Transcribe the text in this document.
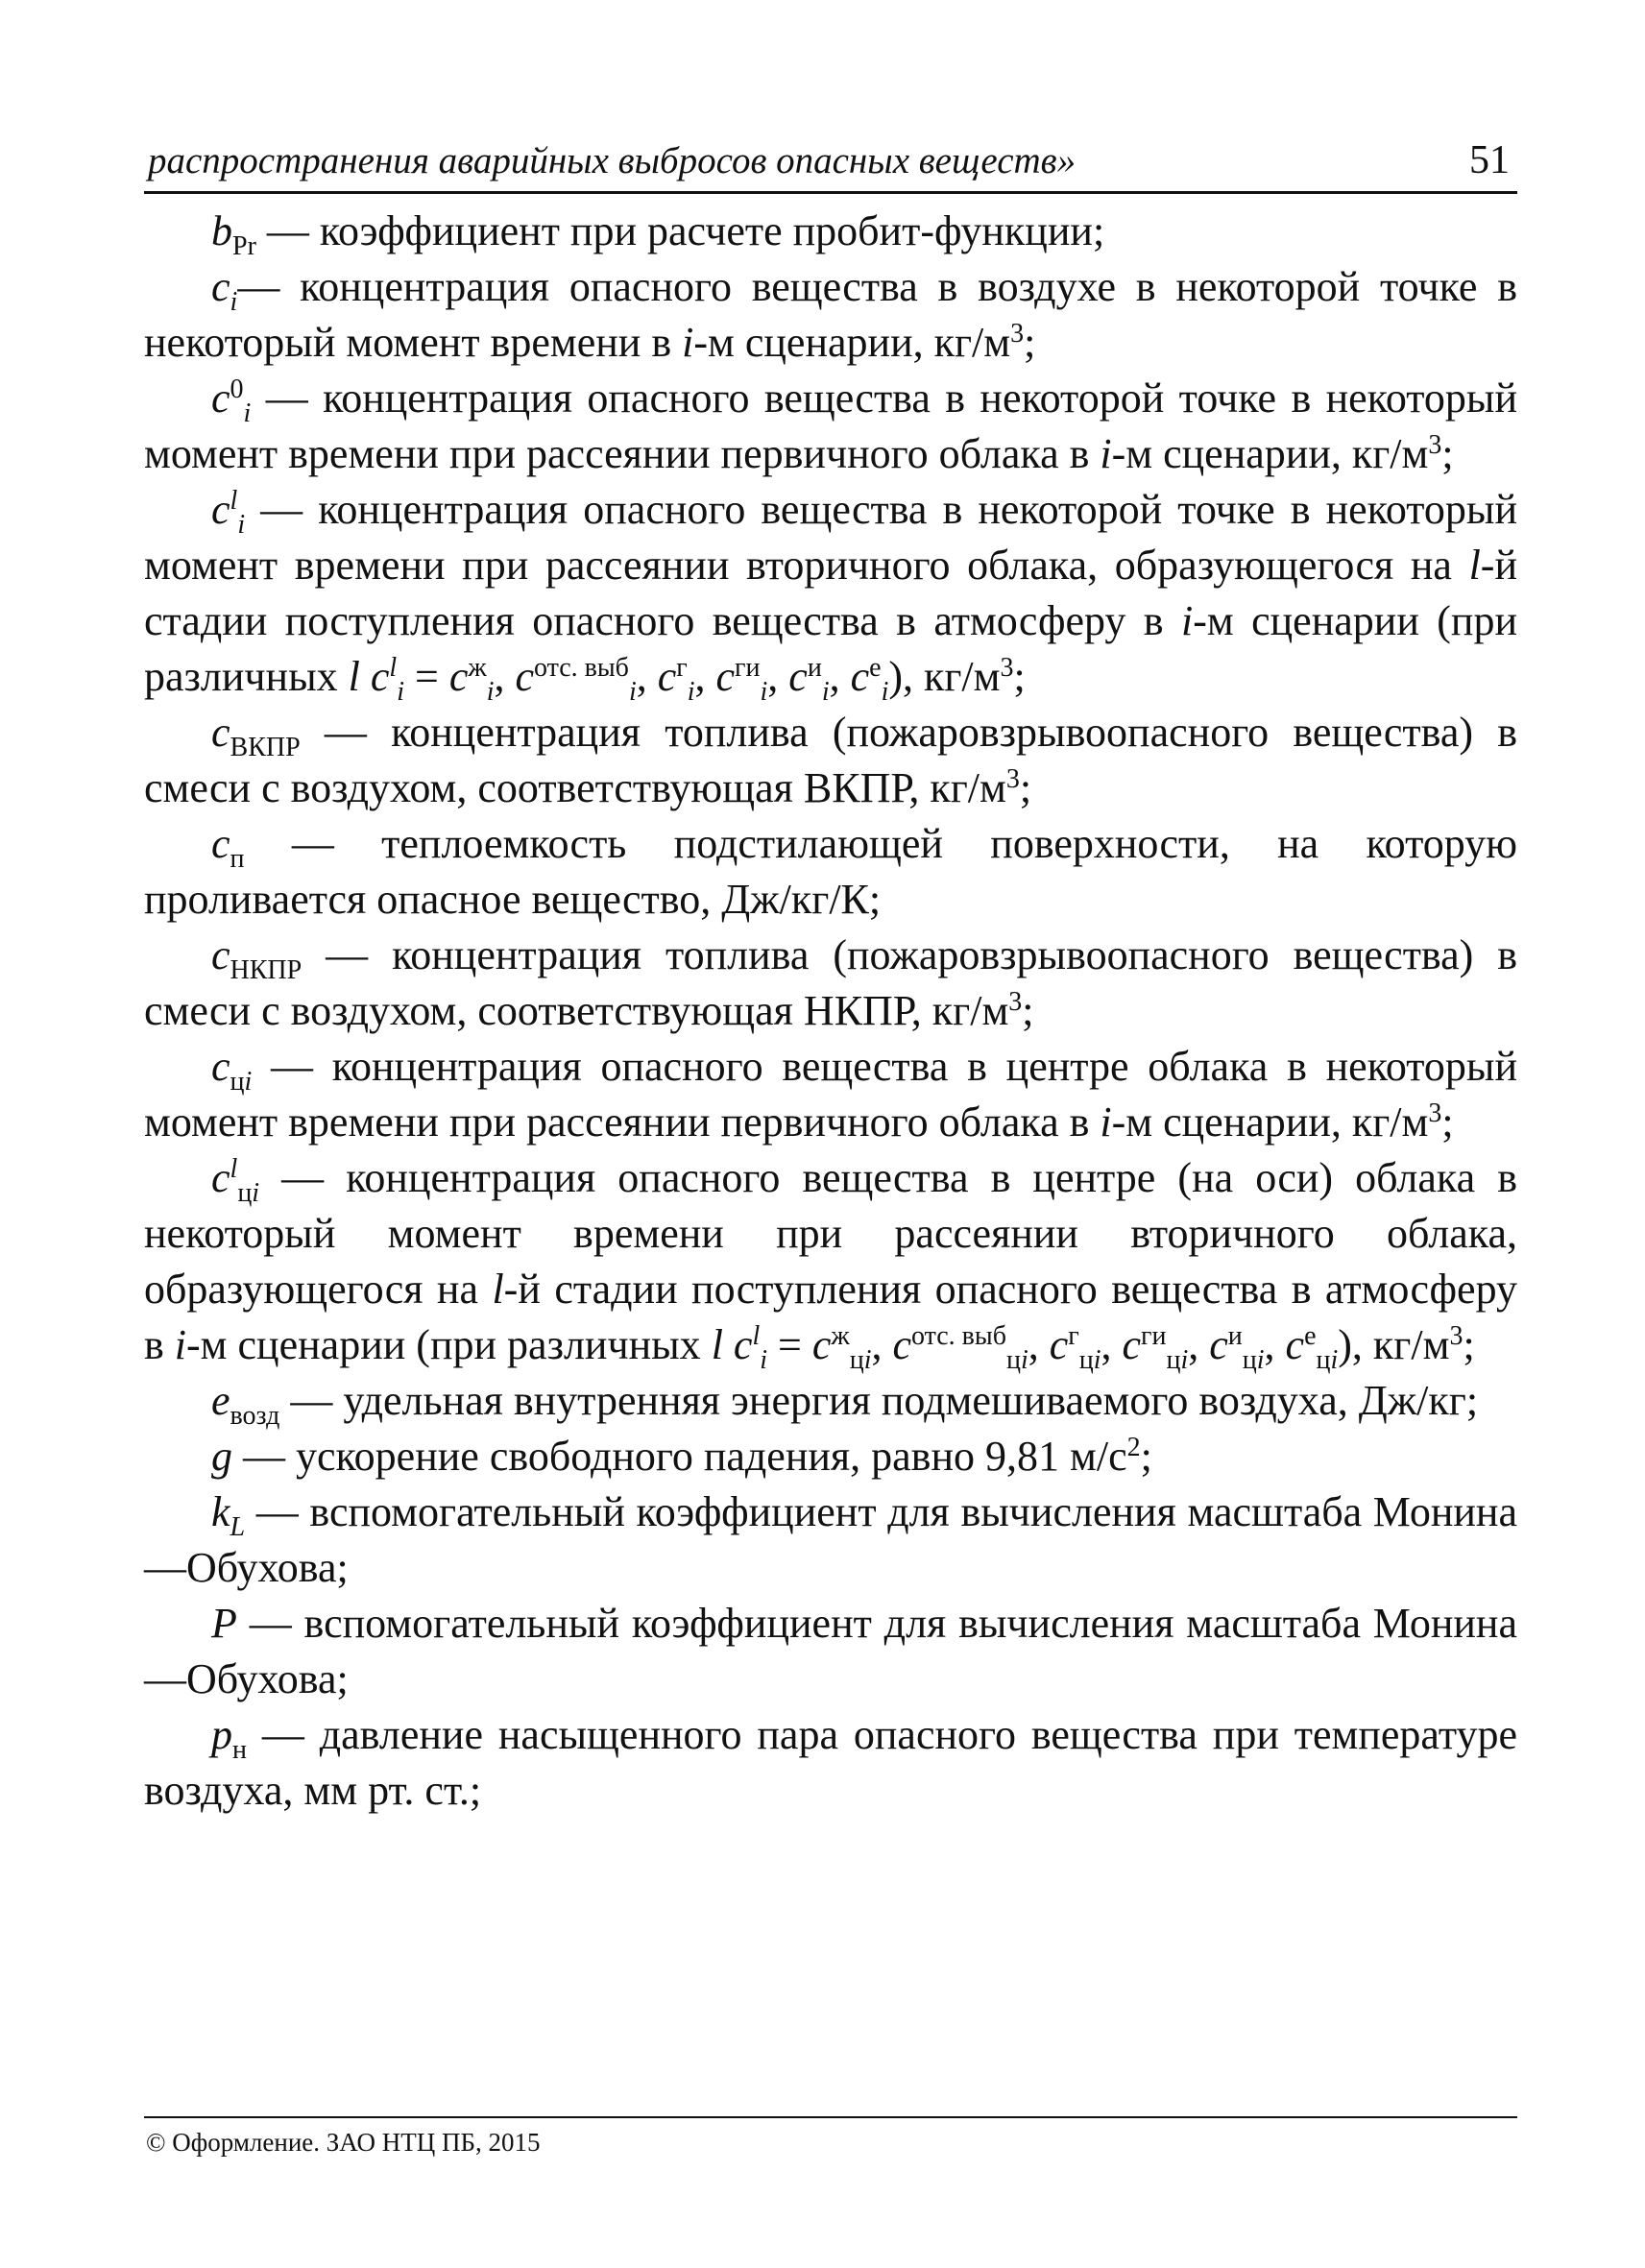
распространения аварийных выбросов опасных веществ»	51

$b_{Pr}$ — коэффициент при расчете пробит-функции;

$c_i—$ концентрация опасного вещества в воздухе в некоторой точке в некоторый момент времени в i-м сценарии, $кг/м^3$;

$c^0_i$ — концентрация опасного вещества в некоторой точке в некоторый момент времени при рассеянии первичного облака в i-м сценарии, $кг/м^3$;

$c^l_i$ — концентрация опасного вещества в некоторой точке в некоторый момент времени при рассеянии вторичного облака, образующегося на l-й стадии поступления опасного вещества в атмосферу в i-м сценарии (при различных l $c^l_i = c^ж_i$, $c^{отс. выб}_i$, $c^г_i$, $c^{ги}_i$, $c^и_i$, $c^е_i$), $кг/м^3$;

$c_{ВКПР}$ — концентрация топлива (пожаровзрывоопасного вещества) в смеси с воздухом, соответствующая ВКПР, $кг/м^3$;

$c_п$ — теплоемкость подстилающей поверхности, на которую проливается опасное вещество, Дж/кг/К;

$c_{НКПР}$ — концентрация топлива (пожаровзрывоопасного вещества) в смеси с воздухом, соответствующая НКПР, $кг/м^3$;

$c_{цi}$ — концентрация опасного вещества в центре облака в некоторый момент времени при рассеянии первичного облака в i-м сценарии, $кг/м^3$;

$c^l_{цi}$ — концентрация опасного вещества в центре (на оси) облака в некоторый момент времени при рассеянии вторичного облака, образующегося на l-й стадии поступления опасного вещества в атмосферу в i-м сценарии (при различных l $c^l_i = c^ж_{цi}$, $c^{отс. выб}_{цi}$, $c^г_{цi}$, $c^{ги}_{цi}$, $c^и_{цi}$, $c^е_{цi}$), $кг/м^3$;

$e_{возд}$ — удельная внутренняя энергия подмешиваемого воздуха, Дж/кг;

g — ускорение свободного падения, равно 9,81 $м/с^2$;

$k_L$ — вспомогательный коэффициент для вычисления масштаба Монина—Обухова;

P — вспомогательный коэффициент для вычисления масштаба Монина—Обухова;

$p_н$ — давление насыщенного пара опасного вещества при температуре воздуха, мм рт. ст.;

© Оформление. ЗАО НТЦ ПБ, 2015
